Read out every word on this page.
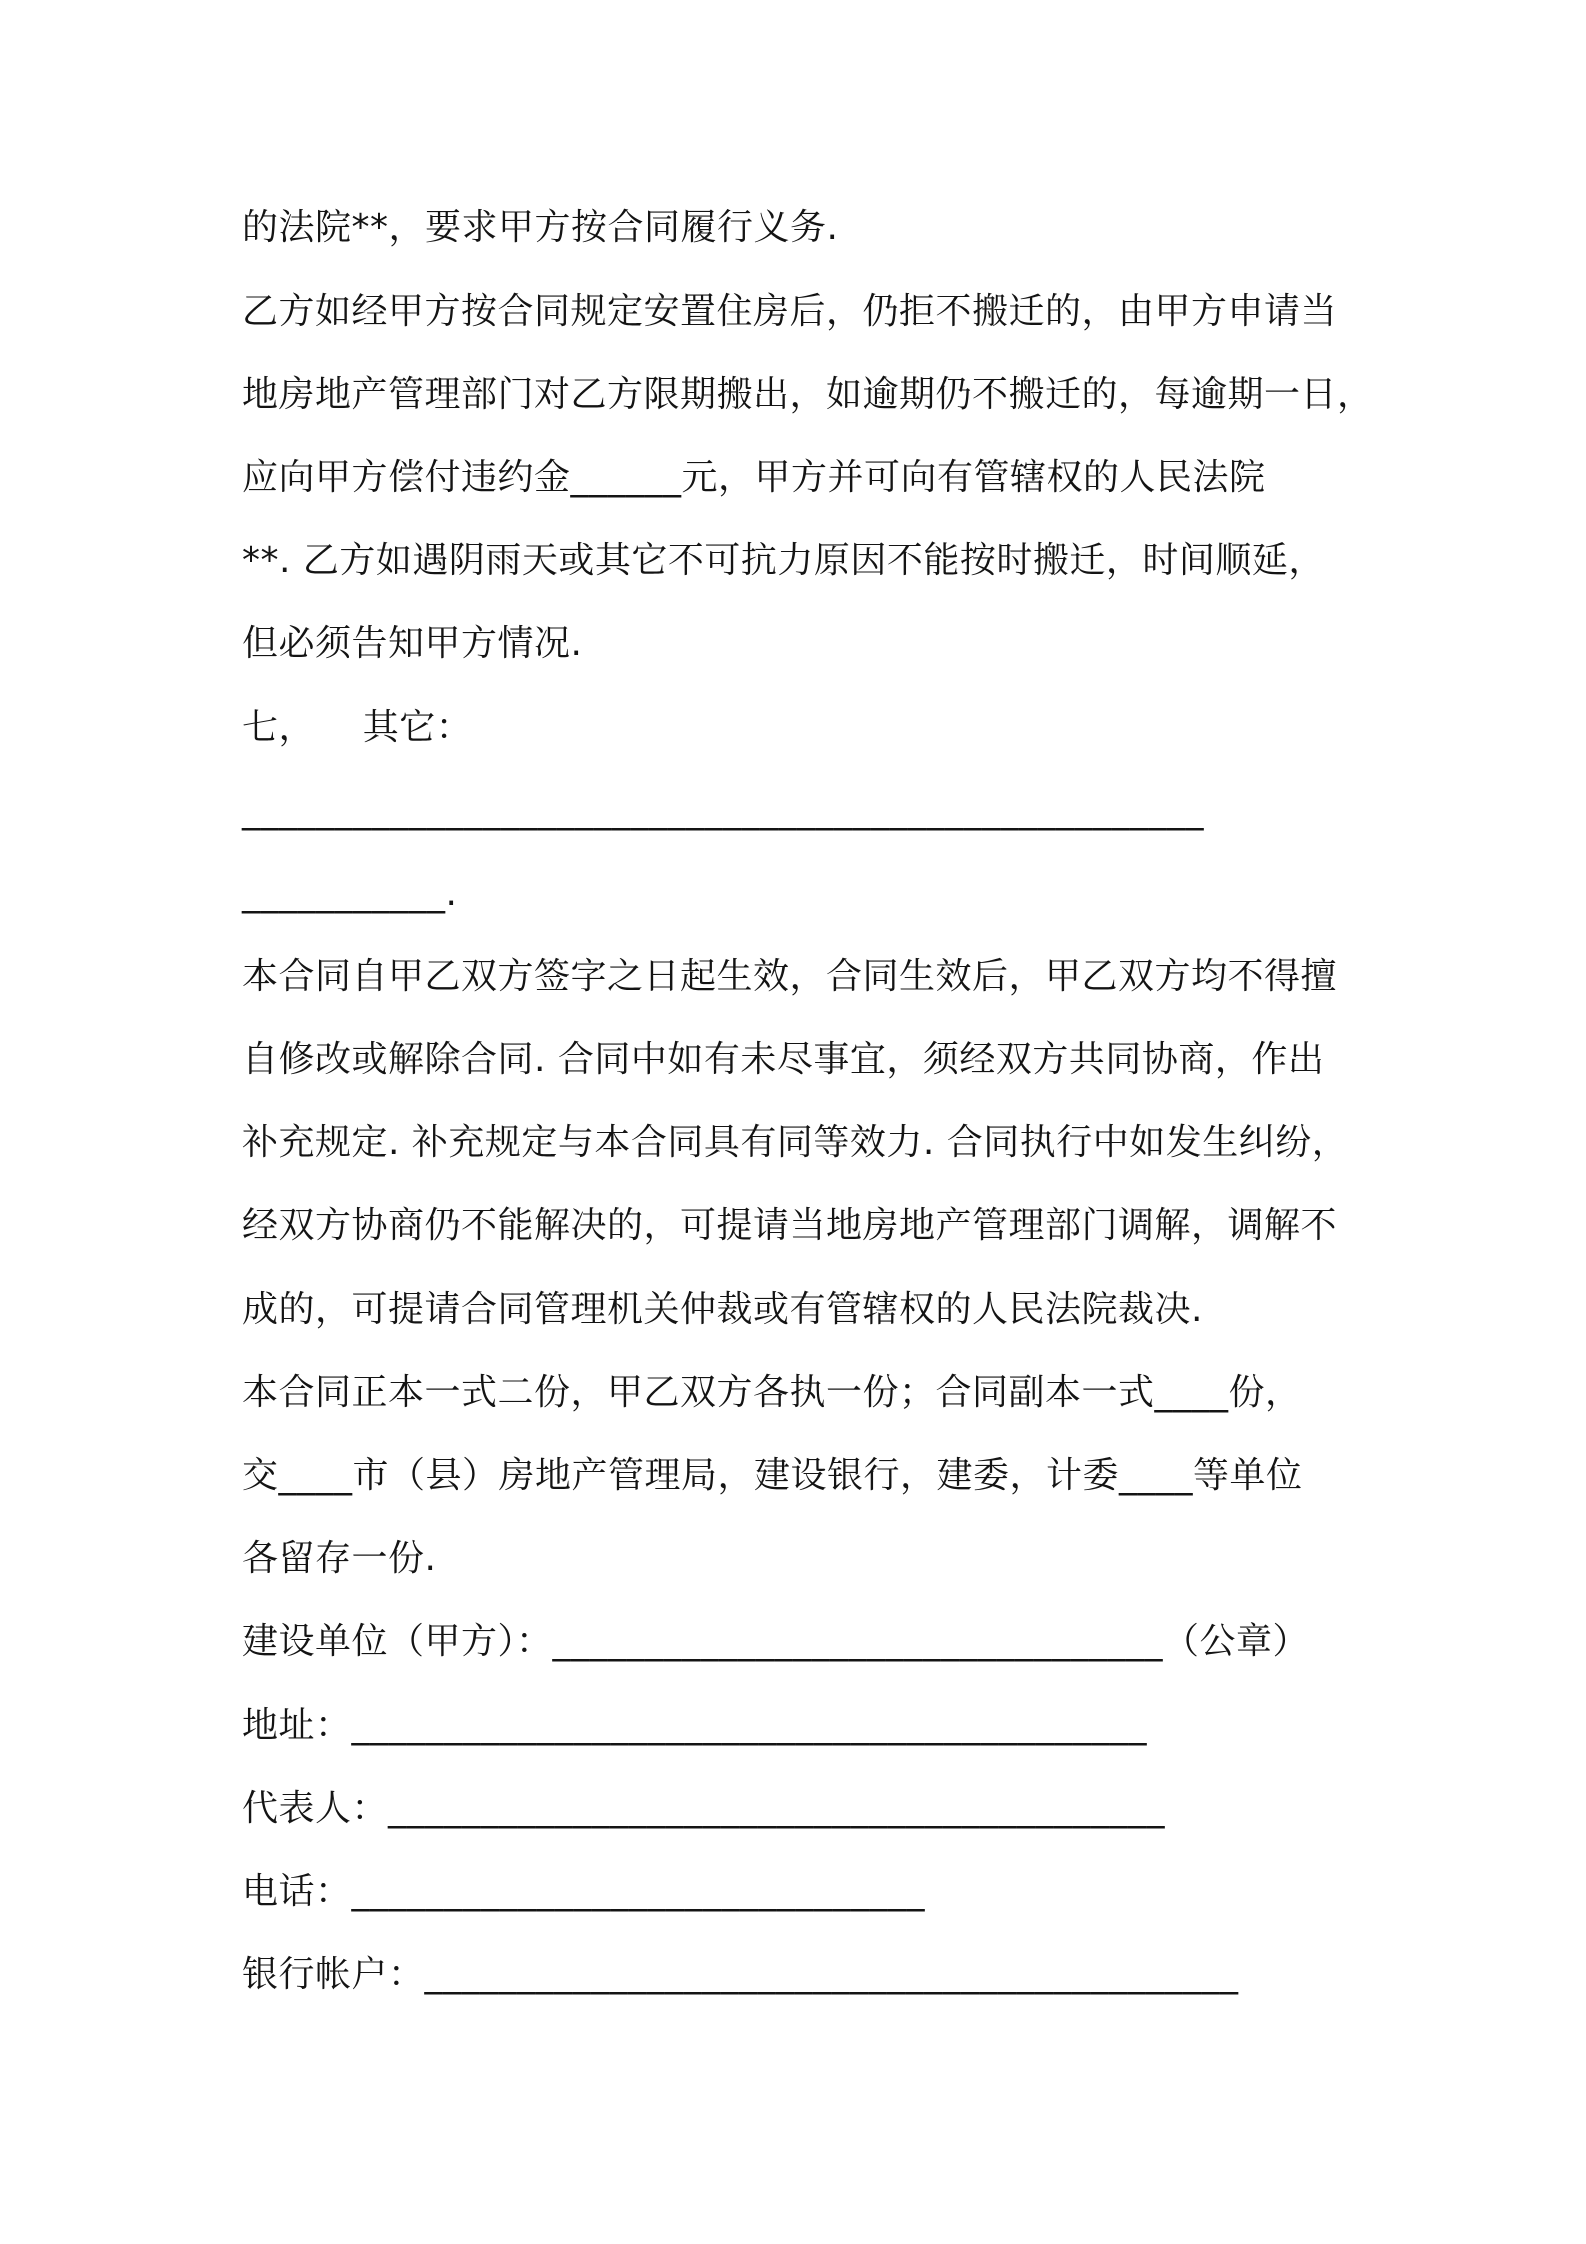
的法院**，要求甲方按合同履行义务.
乙方如经甲方按合同规定安置住房后，仍拒不搬迁的，由甲方申请当
地房地产管理部门对乙方限期搬出，如逾期仍不搬迁的，每逾期一日，
应向甲方偿付违约金______元，甲方并可向有管辖权的人民法院
**. 乙方如遇阴雨天或其它不可抗力原因不能按时搬迁，时间顺延，
但必须告知甲方情况.
七，    其它：
____________________________________________________
___________.
本合同自甲乙双方签字之日起生效，合同生效后，甲乙双方均不得擅
自修改或解除合同. 合同中如有未尽事宜，须经双方共同协商，作出
补充规定. 补充规定与本合同具有同等效力. 合同执行中如发生纠纷，
经双方协商仍不能解决的，可提请当地房地产管理部门调解，调解不
成的，可提请合同管理机关仲裁或有管辖权的人民法院裁决.
本合同正本一式二份，甲乙双方各执一份；合同副本一式____份，
交____市（县）房地产管理局，建设银行，建委，计委____等单位
各留存一份.
建设单位（甲方）：_________________________________（公章）
地址：___________________________________________
代表人：__________________________________________
电话：_______________________________
银行帐户：____________________________________________
